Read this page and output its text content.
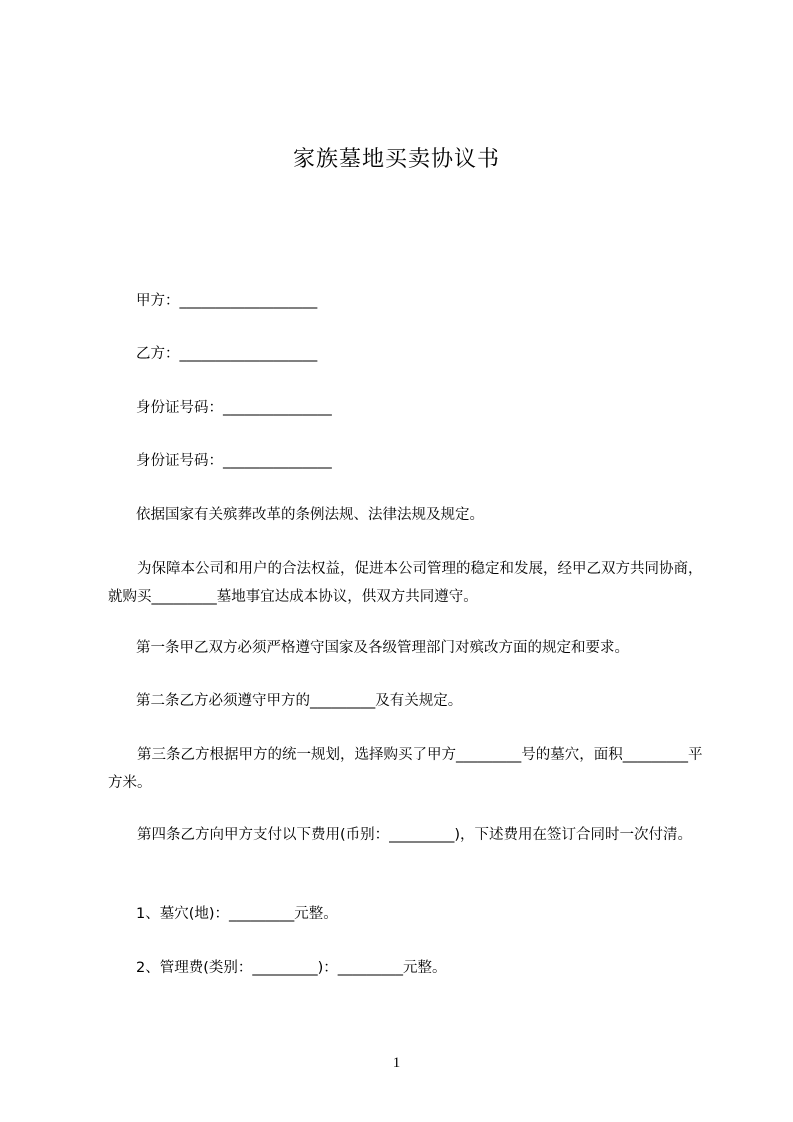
家族墓地买卖协议书
甲方：___________________
乙方：___________________
身份证号码：_______________
身份证号码：_______________
依据国家有关殡葬改革的条例法规、法律法规及规定。
为保障本公司和用户的合法权益，促进本公司管理的稳定和发展，经甲乙双方共同协商，就购买_________墓地事宜达成本协议，供双方共同遵守。
第一条甲乙双方必须严格遵守国家及各级管理部门对殡改方面的规定和要求。
第二条乙方必须遵守甲方的_________及有关规定。
第三条乙方根据甲方的统一规划，选择购买了甲方_________号的墓穴，面积_________平方米。
第四条乙方向甲方支付以下费用(币别：_________)，下述费用在签订合同时一次付清。
1、墓穴(地)：_________元整。
2、管理费(类别：_________)：_________元整。
1
